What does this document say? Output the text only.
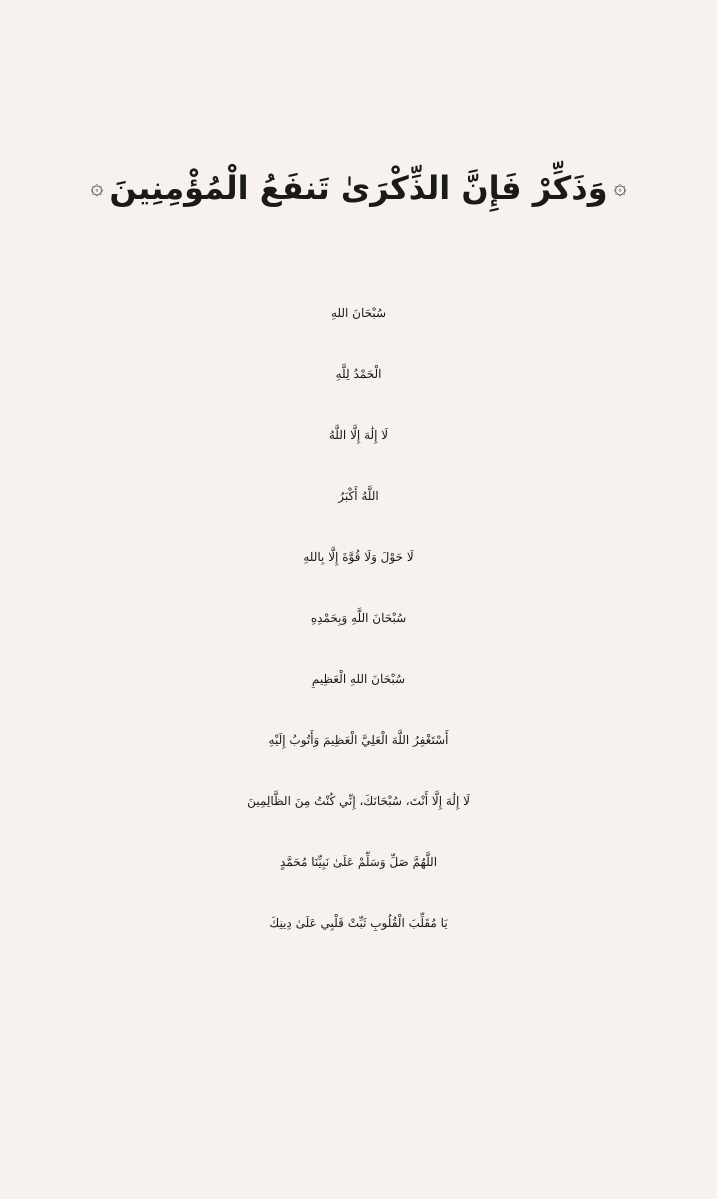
۞
وَذَكِّرْ فَإِنَّ الذِّكْرَىٰ تَنفَعُ الْمُؤْمِنِينَ
۞
سُبْحَانَ اللهِ
الْحَمْدُ لِلَّهِ
لَا إِلَٰهَ إِلَّا اللَّهُ
اللَّهُ أَكْبَرُ
لَا حَوْلَ وَلَا قُوَّةَ إِلَّا بِاللهِ
سُبْحَانَ اللَّهِ وَبِحَمْدِهِ
سُبْحَانَ اللهِ الْعَظِيمِ
أَسْتَغْفِرُ اللَّهَ الْعَلِيَّ الْعَظِيمَ وَأَتُوبُ إِلَيْهِ
لَا إِلَٰهَ إِلَّا أَنْتَ، سُبْحَانَكَ، إِنِّي كُنْتُ مِنَ الظَّالِمِينَ
اللَّهُمَّ صَلِّ وَسَلِّمْ عَلَىٰ نَبِيِّنَا مُحَمَّدٍ
يَا مُقَلِّبَ الْقُلُوبِ ثَبِّتْ قَلْبِي عَلَىٰ دِينِكَ
